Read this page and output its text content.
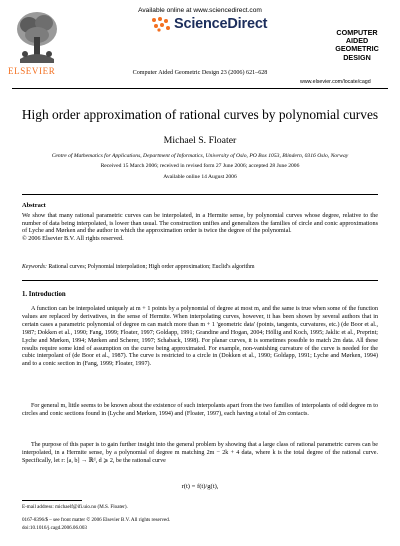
Available online at www.sciencedirect.com
ScienceDirect
Computer Aided Geometric Design 23 (2006) 621–628
COMPUTER
AIDED
GEOMETRIC
DESIGN
ELSEVIER
www.elsevier.com/locate/cagd
High order approximation of rational curves by polynomial curves
Michael S. Floater
Centre of Mathematics for Applications, Department of Informatics, University of Oslo, PO Box 1053, Blindern, 0316 Oslo, Norway
Received 15 March 2006; received in revised form 27 June 2006; accepted 28 June 2006
Available online 14 August 2006
Abstract
We show that many rational parametric curves can be interpolated, in a Hermite sense, by polynomial curves whose degree, relative to the number of data being interpolated, is lower than usual. The construction unifies and generalizes the families of circle and conic approximations of Lyche and Mørken and the author in which the approximation order is twice the degree of the polynomial.
© 2006 Elsevier B.V. All rights reserved.
Keywords: Rational curves; Polynomial interpolation; High order approximation; Euclid's algorithm
1. Introduction
A function can be interpolated uniquely at m + 1 points by a polynomial of degree at most m, and the same is true when some of the function values are replaced by derivatives, in the sense of Hermite. When interpolating curves, however, it has been shown by several authors that in certain cases a parametric polynomial of degree m can match more than m + 1 'geometric data' (points, tangents, curvatures, etc.) (de Boor et al., 1987; Dokken et al., 1990; Fang, 1999; Floater, 1997; Goldapp, 1991; Grandine and Hogan, 2004; Höllig and Koch, 1995; Jaklic et al., Preprint; Lyche and Mørken, 1994; Mørken and Scherer, 1997; Schaback, 1998). For planar curves, it is sometimes possible to match 2m data. All these results require some kind of assumption on the curve being approximated. For example, non-vanishing curvature of the curve is needed for the cubic interpolant of (de Boor et al., 1987). The curve is restricted to a circle in (Dokken et al., 1990; Goldapp, 1991; Lyche and Mørken, 1994) and to a conic section in (Fang, 1999; Floater, 1997).
For general m, little seems to be known about the existence of such interpolants apart from the two families of interpolants of odd degree m to circles and conic sections found in (Lyche and Mørken, 1994) and (Floater, 1997), each having a total of 2m contacts.
The purpose of this paper is to gain further insight into the general problem by showing that a large class of rational parametric curves can be interpolated, in a Hermite sense, by a polynomial of degree m matching 2m − 2k + 4 data, where k is the total degree of the rational curve. Specifically, let r: [a, b] → ℝᵈ, d ⩾ 2, be the rational curve
r(t) = f(t)/g(t),
E-mail address: michaelf@ifi.uio.no (M.S. Floater).
0167-8396/$ – see front matter © 2006 Elsevier B.V. All rights reserved.
doi:10.1016/j.cagd.2006.06.003
